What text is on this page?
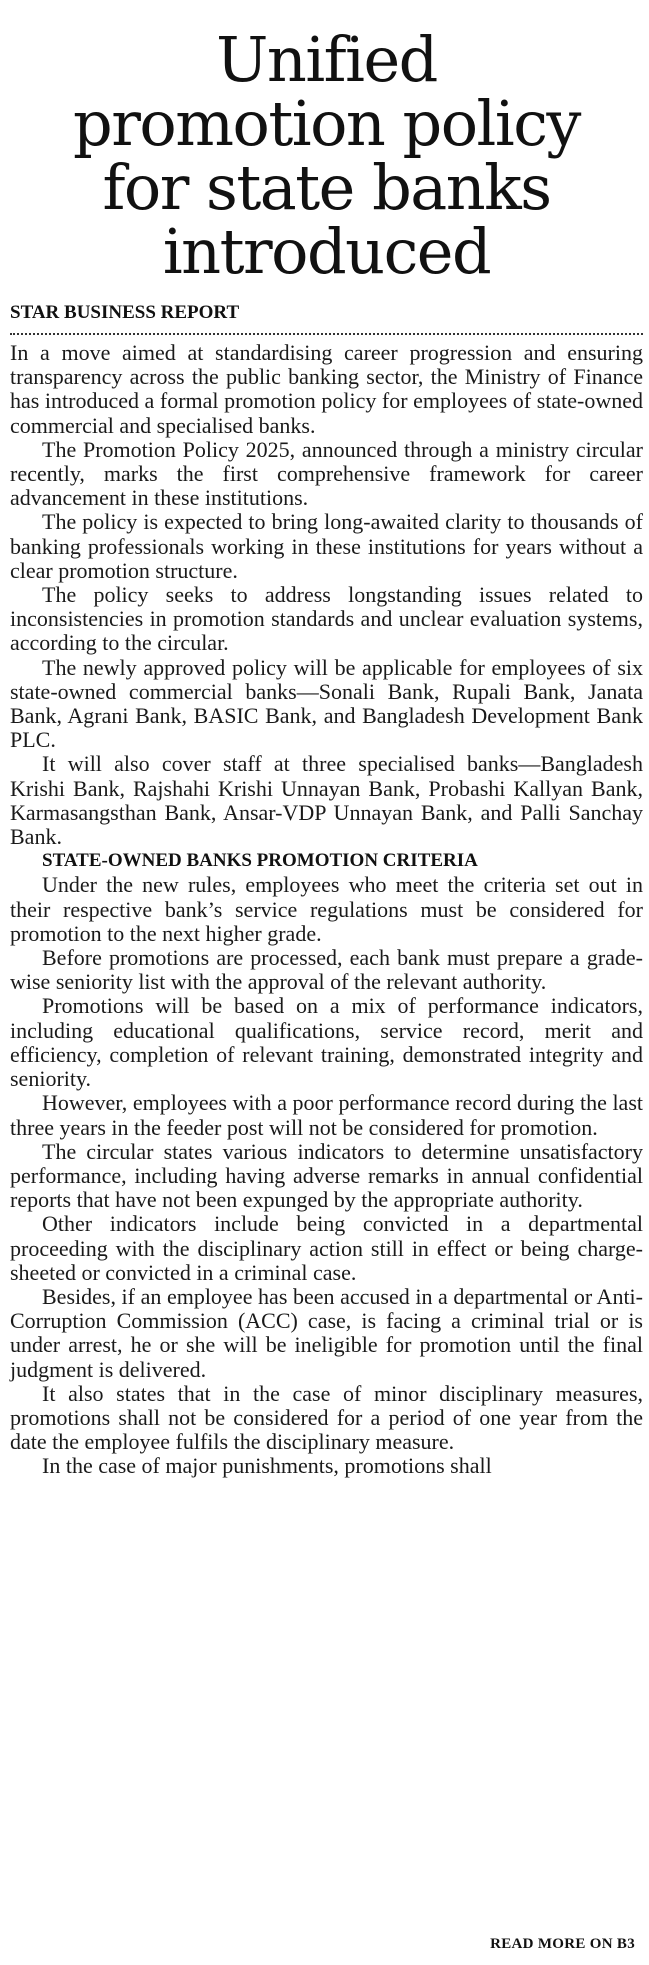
Unified
promotion policy
for state banks
introduced
STAR BUSINESS REPORT

In a move aimed at standardising career progression and ensuring transparency across the public banking sector, the Ministry of Finance has introduced a formal promotion policy for employees of state-owned commercial and specialised banks.

The Promotion Policy 2025, announced through a ministry circular recently, marks the first comprehensive framework for career advancement in these institutions.

The policy is expected to bring long-awaited clarity to thousands of banking professionals working in these institutions for years without a clear promotion structure.

The policy seeks to address longstanding issues related to inconsistencies in promotion standards and unclear evaluation systems, according to the circular.

The newly approved policy will be applicable for employees of six state-owned commercial banks—Sonali Bank, Rupali Bank, Janata Bank, Agrani Bank, BASIC Bank, and Bangladesh Development Bank PLC.

It will also cover staff at three specialised banks—Bangladesh Krishi Bank, Rajshahi Krishi Unnayan Bank, Probashi Kallyan Bank, Karmasangsthan Bank, Ansar-VDP Unnayan Bank, and Palli Sanchay Bank.

STATE-OWNED BANKS PROMOTION CRITERIA

Under the new rules, employees who meet the criteria set out in their respective bank’s service regulations must be considered for promotion to the next higher grade.

Before promotions are processed, each bank must prepare a grade-wise seniority list with the approval of the relevant authority.

Promotions will be based on a mix of performance indicators, including educational qualifications, service record, merit and efficiency, completion of relevant training, demonstrated integrity and seniority.

However, employees with a poor performance record during the last three years in the feeder post will not be considered for promotion.

The circular states various indicators to determine unsatisfactory performance, including having adverse remarks in annual confidential reports that have not been expunged by the appropriate authority.

Other indicators include being convicted in a departmental proceeding with the disciplinary action still in effect or being charge-sheeted or convicted in a criminal case.

Besides, if an employee has been accused in a departmental or Anti-Corruption Commission (ACC) case, is facing a criminal trial or is under arrest, he or she will be ineligible for promotion until the final judgment is delivered.

It also states that in the case of minor disciplinary measures, promotions shall not be considered for a period of one year from the date the employee fulfils the disciplinary measure.

In the case of major punishments, promotions shall

READ MORE ON B3
